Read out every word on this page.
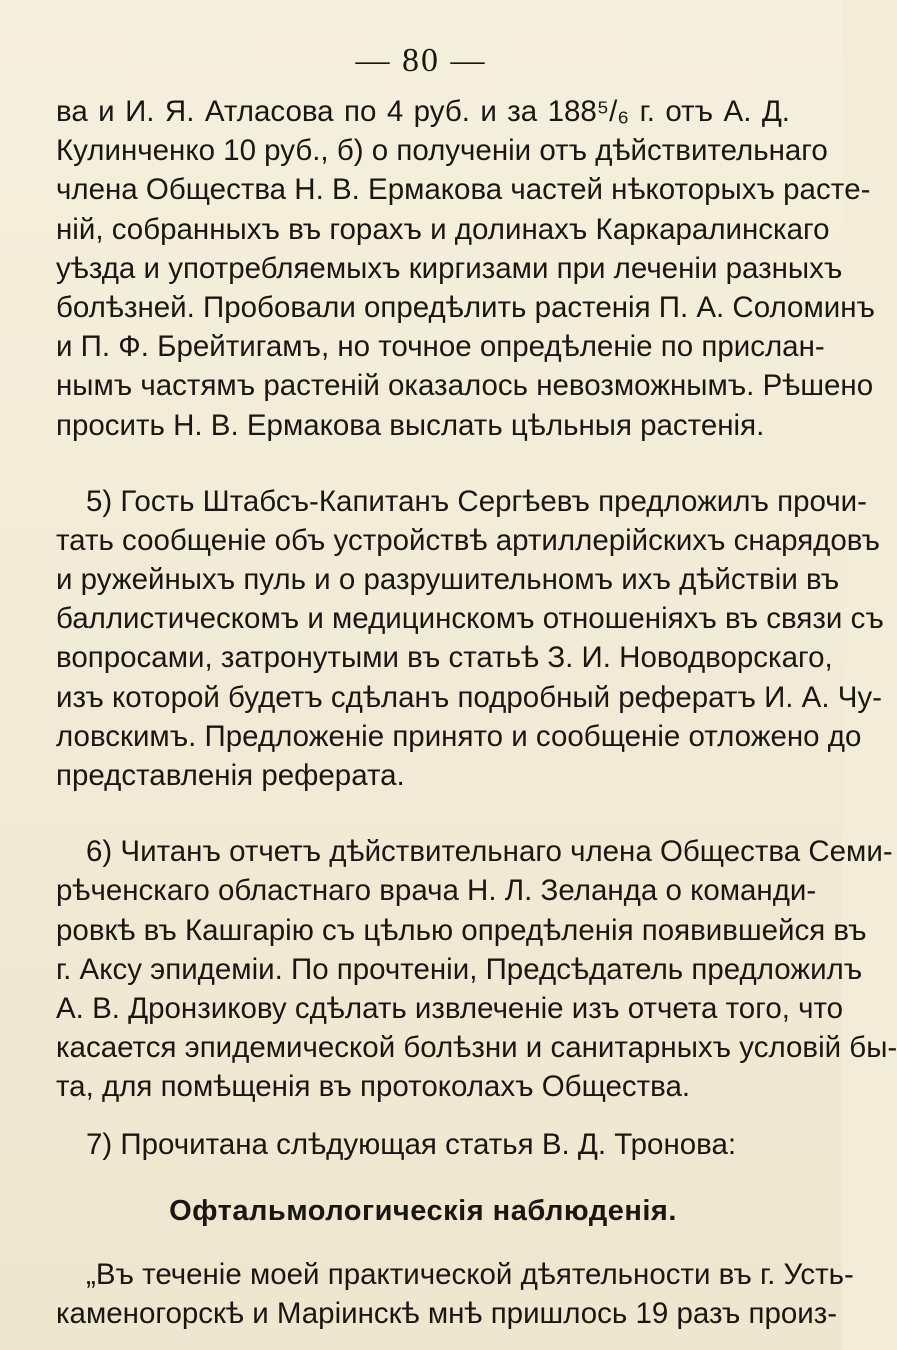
— 80 —
ва и И. Я. Атласова по 4 руб. и за 188⁵/₆ г. отъ А. Д.
Кулинченко 10 руб., б) о полученіи отъ дѣйствительнаго
члена Общества Н. В. Ермакова частей нѣкоторыхъ растe-
ній, собранныхъ въ горахъ и долинахъ Каркаралинскаго
уѣзда и употребляемыхъ киргизами при леченіи разныхъ
болѣзней. Пробовали опредѣлить растенія П. А. Соломинъ
и П. Ф. Брейтигамъ, но точное опредѣленіе по прислан-
нымъ частямъ растеній оказалось невозможнымъ. Рѣшено
просить Н. В. Ермакова выслать цѣльныя растенія.
5) Гость Штабсъ-Капитанъ Сергѣевъ предложилъ прочи-
тать сообщеніе объ устройствѣ артиллерійскихъ снарядовъ
и ружейныхъ пуль и о разрушительномъ ихъ дѣйствіи въ
баллистическомъ и медицинскомъ отношеніяхъ въ связи съ
вопросами, затронутыми въ статьѣ З. И. Новодворскаго,
изъ которой будетъ сдѣланъ подробный рефератъ И. А. Чу-
ловскимъ. Предложеніе принято и сообщеніе отложено до
представленія реферата.
6) Читанъ отчетъ дѣйствительнаго члена Общества Семи-
рѣченскаго областнаго врача Н. Л. Зеланда о команди-
ровкѣ въ Кашгарію съ цѣлью опредѣленія появившейся въ
г. Аксу эпидеміи. По прочтеніи, Предсѣдатель предложилъ
А. В. Дронзикову сдѣлать извлеченіе изъ отчета того, что
касается эпидемической болѣзни и санитарныхъ условій бы-
та, для помѣщенія въ протоколахъ Общества.
7) Прочитана слѣдующая статья В. Д. Тронова:
Офтальмологическія наблюденія.
„Въ теченіе моей практической дѣятельности въ г. Усть-
каменогорскѣ и Маріинскѣ мнѣ пришлось 19 разъ произ-
